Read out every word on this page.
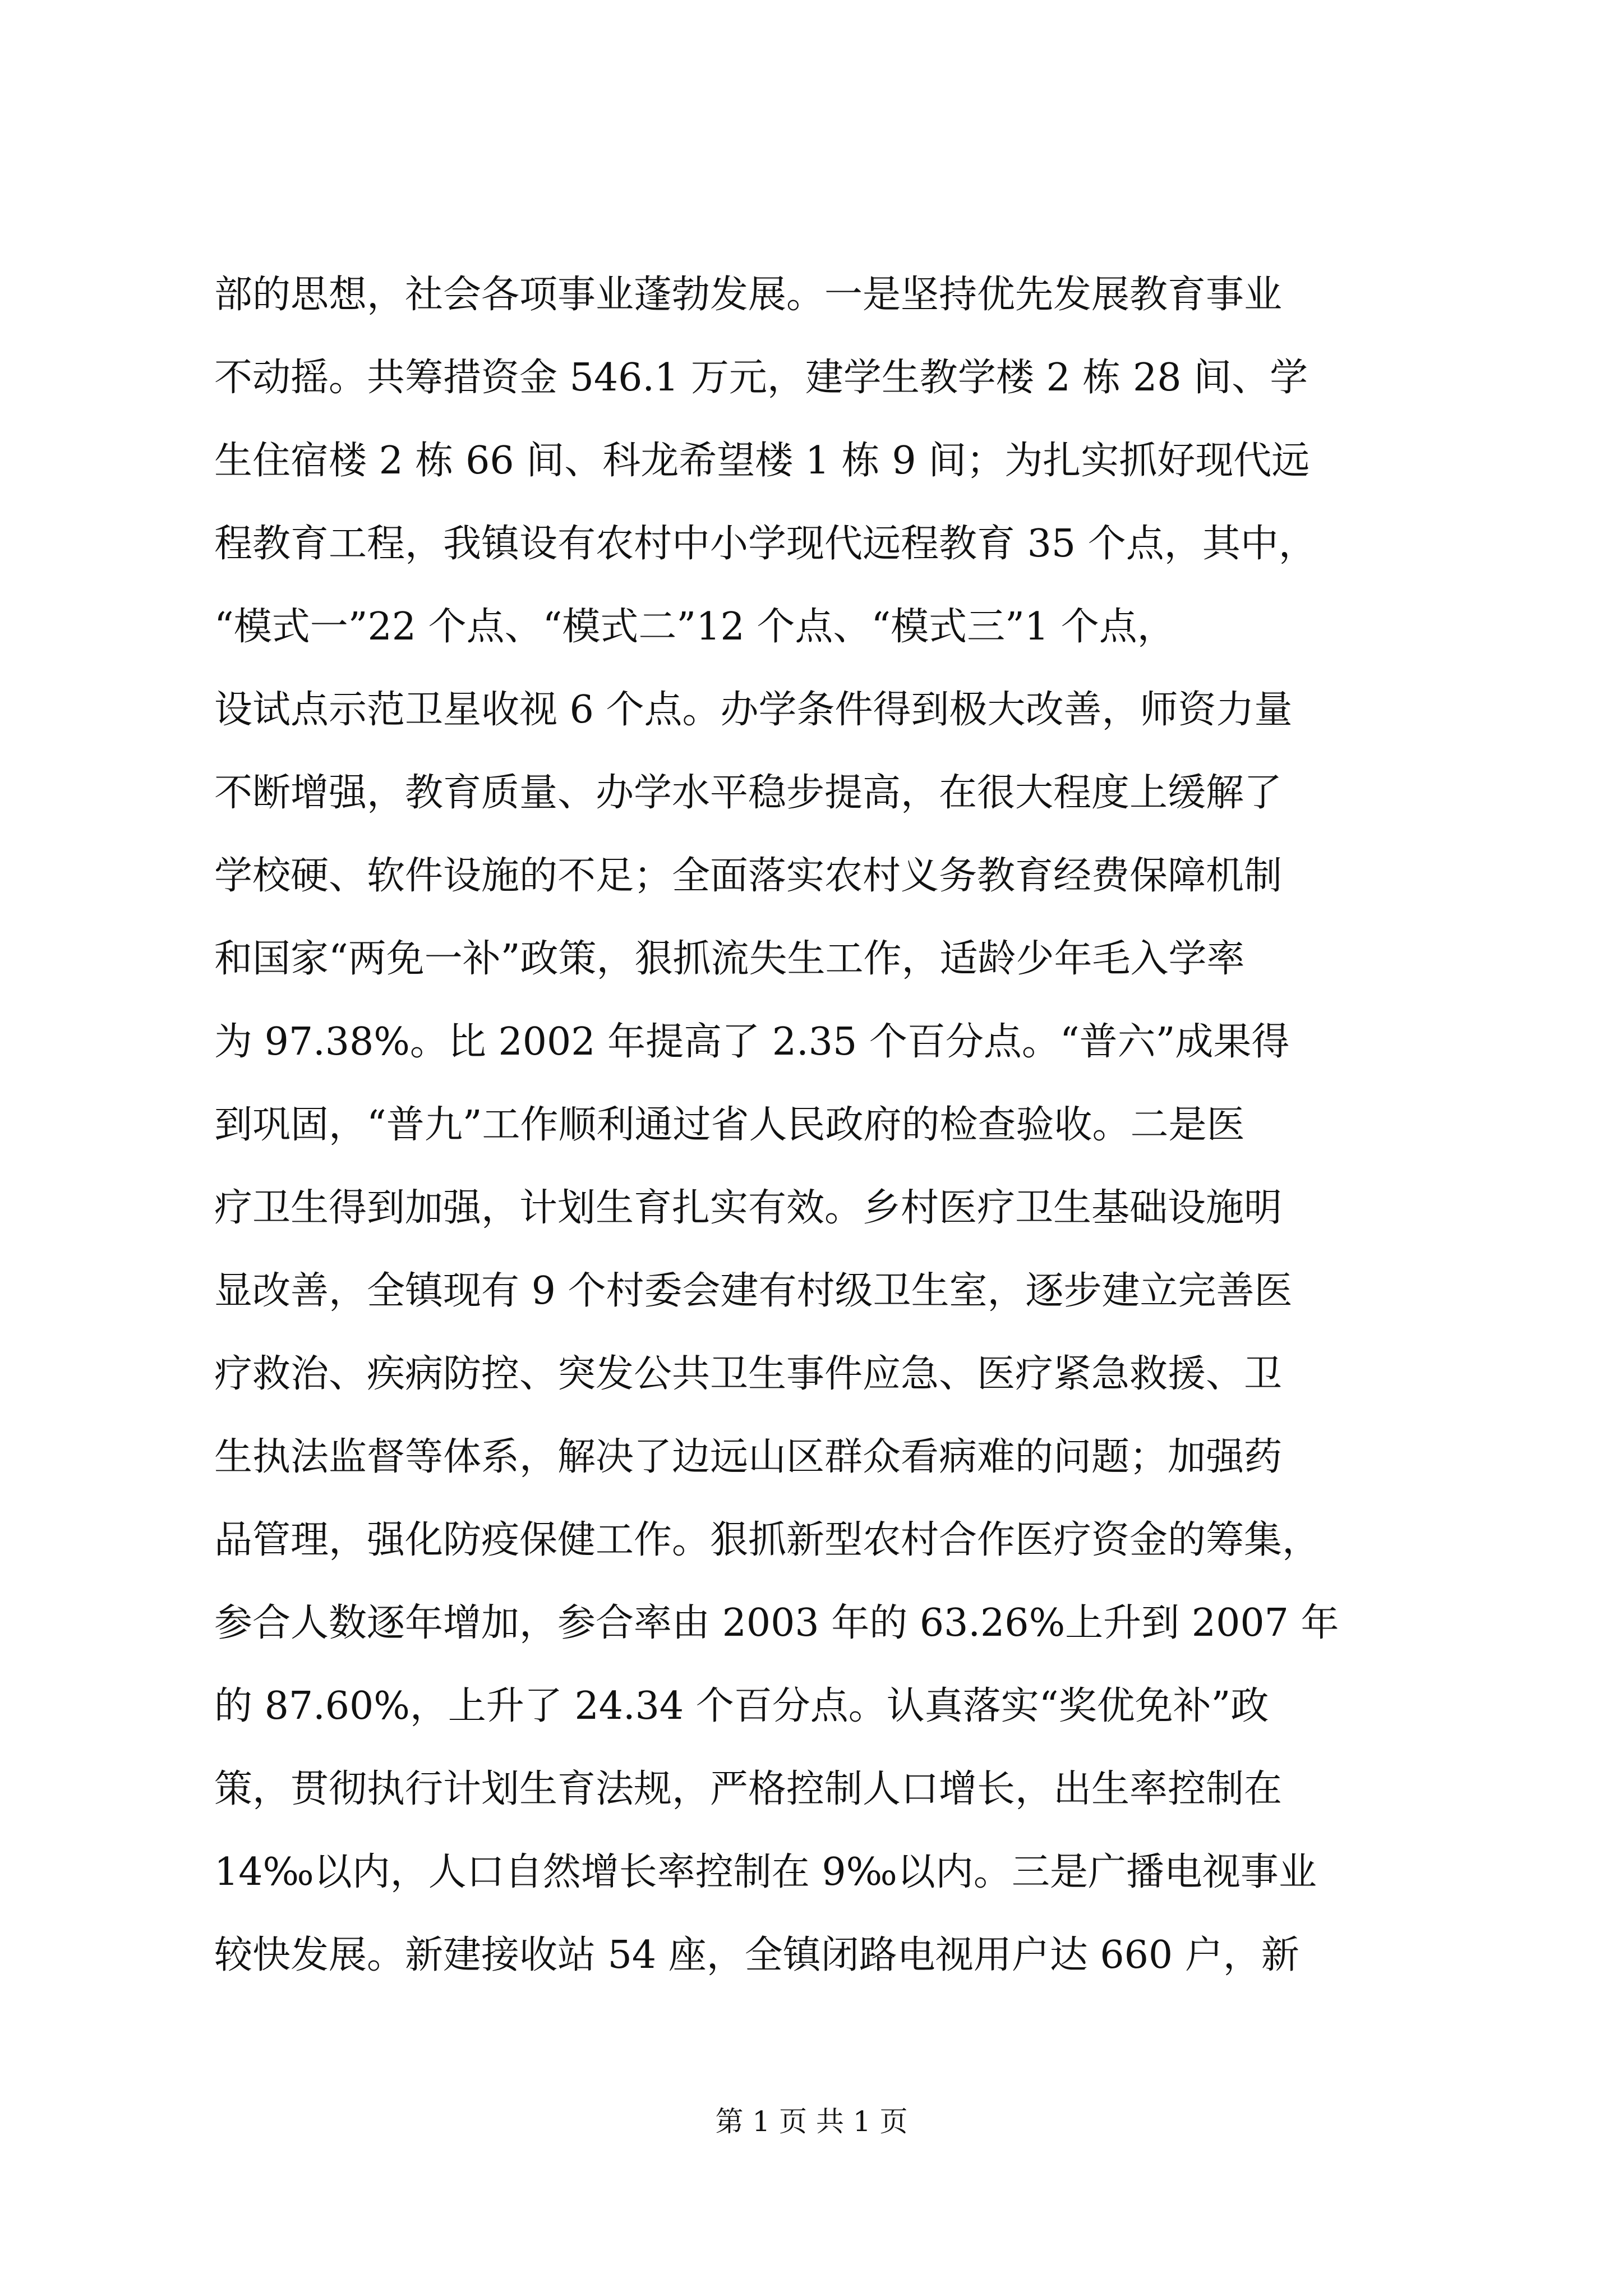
部的思想，社会各项事业蓬勃发展。一是坚持优先发展教育事业
不动摇。共筹措资金 546.1 万元，建学生教学楼 2 栋 28 间、学
生住宿楼 2 栋 66 间、科龙希望楼 1 栋 9 间；为扎实抓好现代远
程教育工程，我镇设有农村中小学现代远程教育 35 个点，其中，
“模式一”22 个点、“模式二”12 个点、“模式三”1 个点，
设试点示范卫星收视 6 个点。办学条件得到极大改善，师资力量
不断增强，教育质量、办学水平稳步提高，在很大程度上缓解了
学校硬、软件设施的不足；全面落实农村义务教育经费保障机制
和国家“两免一补”政策，狠抓流失生工作，适龄少年毛入学率
为 97.38%。比 2002 年提高了 2.35 个百分点。“普六”成果得
到巩固，“普九”工作顺利通过省人民政府的检查验收。二是医
疗卫生得到加强，计划生育扎实有效。乡村医疗卫生基础设施明
显改善，全镇现有 9 个村委会建有村级卫生室，逐步建立完善医
疗救治、疾病防控、突发公共卫生事件应急、医疗紧急救援、卫
生执法监督等体系，解决了边远山区群众看病难的问题；加强药
品管理，强化防疫保健工作。狠抓新型农村合作医疗资金的筹集，
参合人数逐年增加，参合率由 2003 年的 63.26%上升到 2007 年
的 87.60%，上升了 24.34 个百分点。认真落实“奖优免补”政
策，贯彻执行计划生育法规，严格控制人口增长，出生率控制在
14‰以内，人口自然增长率控制在 9‰以内。三是广播电视事业
较快发展。新建接收站 54 座，全镇闭路电视用户达 660 户，新
第 1 页 共 1 页
